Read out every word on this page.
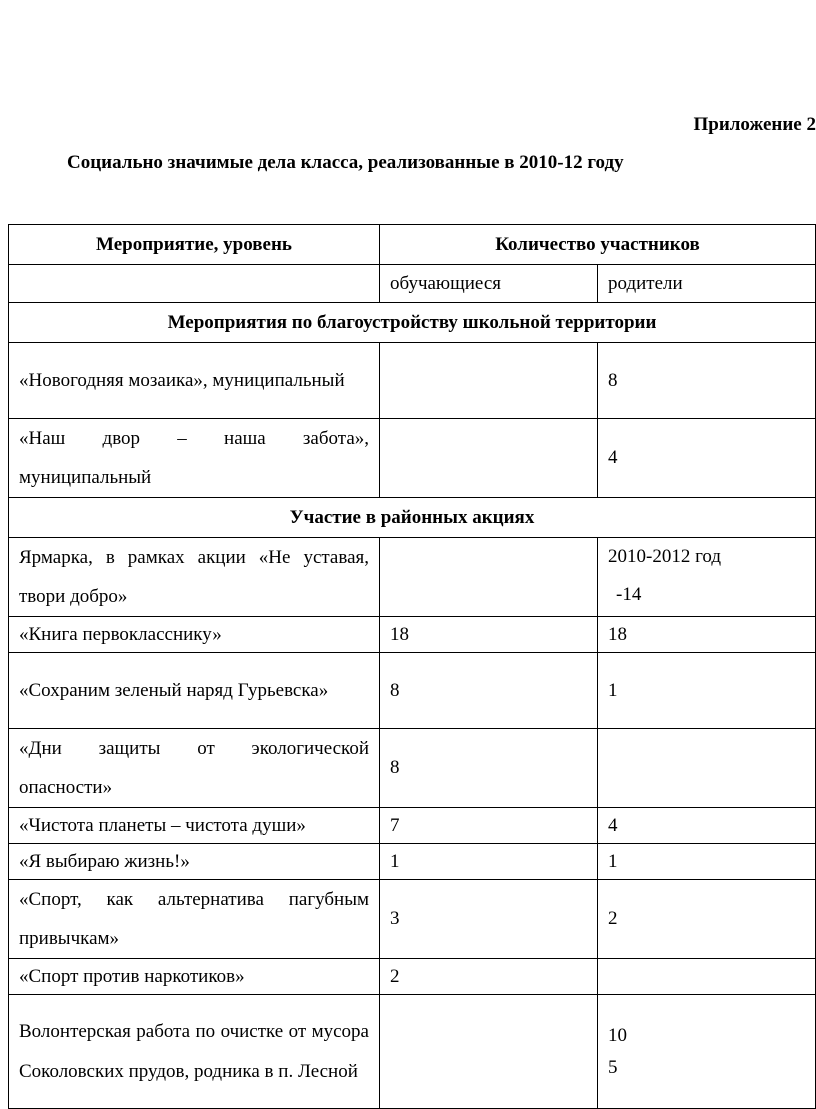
Приложение 2
Социально значимые дела класса, реализованные в 2010-12 году
Мероприятие, уровень	Количество участников	
	обучающиеся	родители
Мероприятия по благоустройству школьной территории		
«Новогодняя мозаика», муниципальный		8
«Наш двор – наша забота», муниципальный		4
Участие в районных акциях		
Ярмарка, в рамках акции «Не уставая, твори добро»		2010-2012 год
-14

«Книга первокласснику»	18	18
«Сохраним зеленый наряд Гурьевска»	8	1
«Дни защиты от экологической опасности»	8	
«Чистота планеты – чистота души»	7	4
«Я выбираю жизнь!»	1	1
«Спорт, как альтернатива пагубным привычкам»	3	2
«Спорт против наркотиков»	2	
Волонтерская работа по очистке от мусора Соколовских прудов, родника в п. Лесной		10
5
